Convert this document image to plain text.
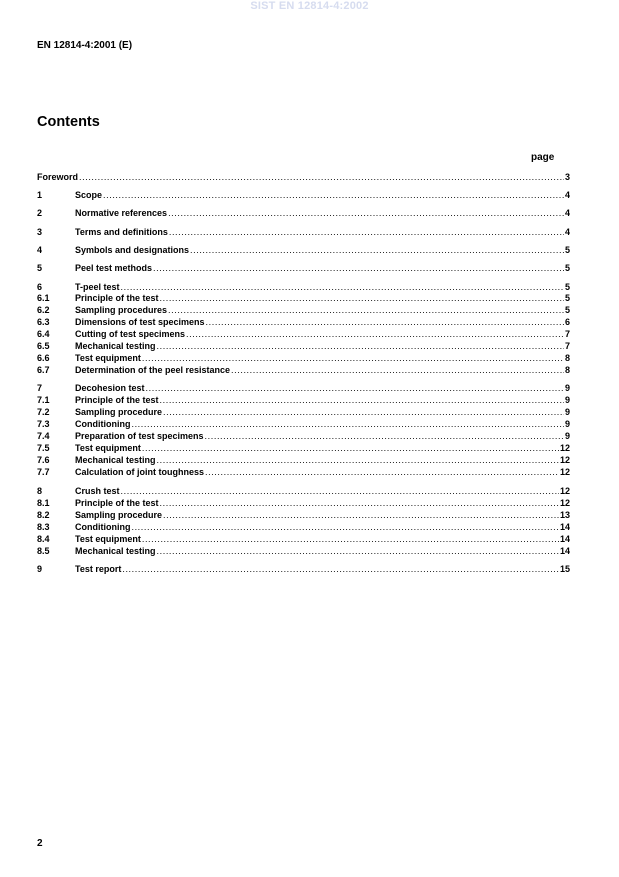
SIST EN 12814-4:2002
EN 12814-4:2001 (E)
Contents
page
Foreword .....	3
1	Scope .....	4
2	Normative references .....	4
3	Terms and definitions .....	4
4	Symbols and designations .....	5
5	Peel test methods .....	5
6	T-peel test .....	5
6.1	Principle of the test .....	5
6.2	Sampling procedures .....	5
6.3	Dimensions of test specimens .....	6
6.4	Cutting of test specimens .....	7
6.5	Mechanical testing .....	7
6.6	Test equipment .....	8
6.7	Determination of the peel resistance .....	8
7	Decohesion test .....	9
7.1	Principle of the test .....	9
7.2	Sampling procedure .....	9
7.3	Conditioning .....	9
7.4	Preparation of test specimens .....	9
7.5	Test equipment .....	12
7.6	Mechanical testing .....	12
7.7	Calculation of joint toughness .....	12
8	Crush test .....	12
8.1	Principle of the test .....	12
8.2	Sampling procedure .....	13
8.3	Conditioning .....	14
8.4	Test equipment .....	14
8.5	Mechanical testing .....	14
9	Test report .....	15
2
